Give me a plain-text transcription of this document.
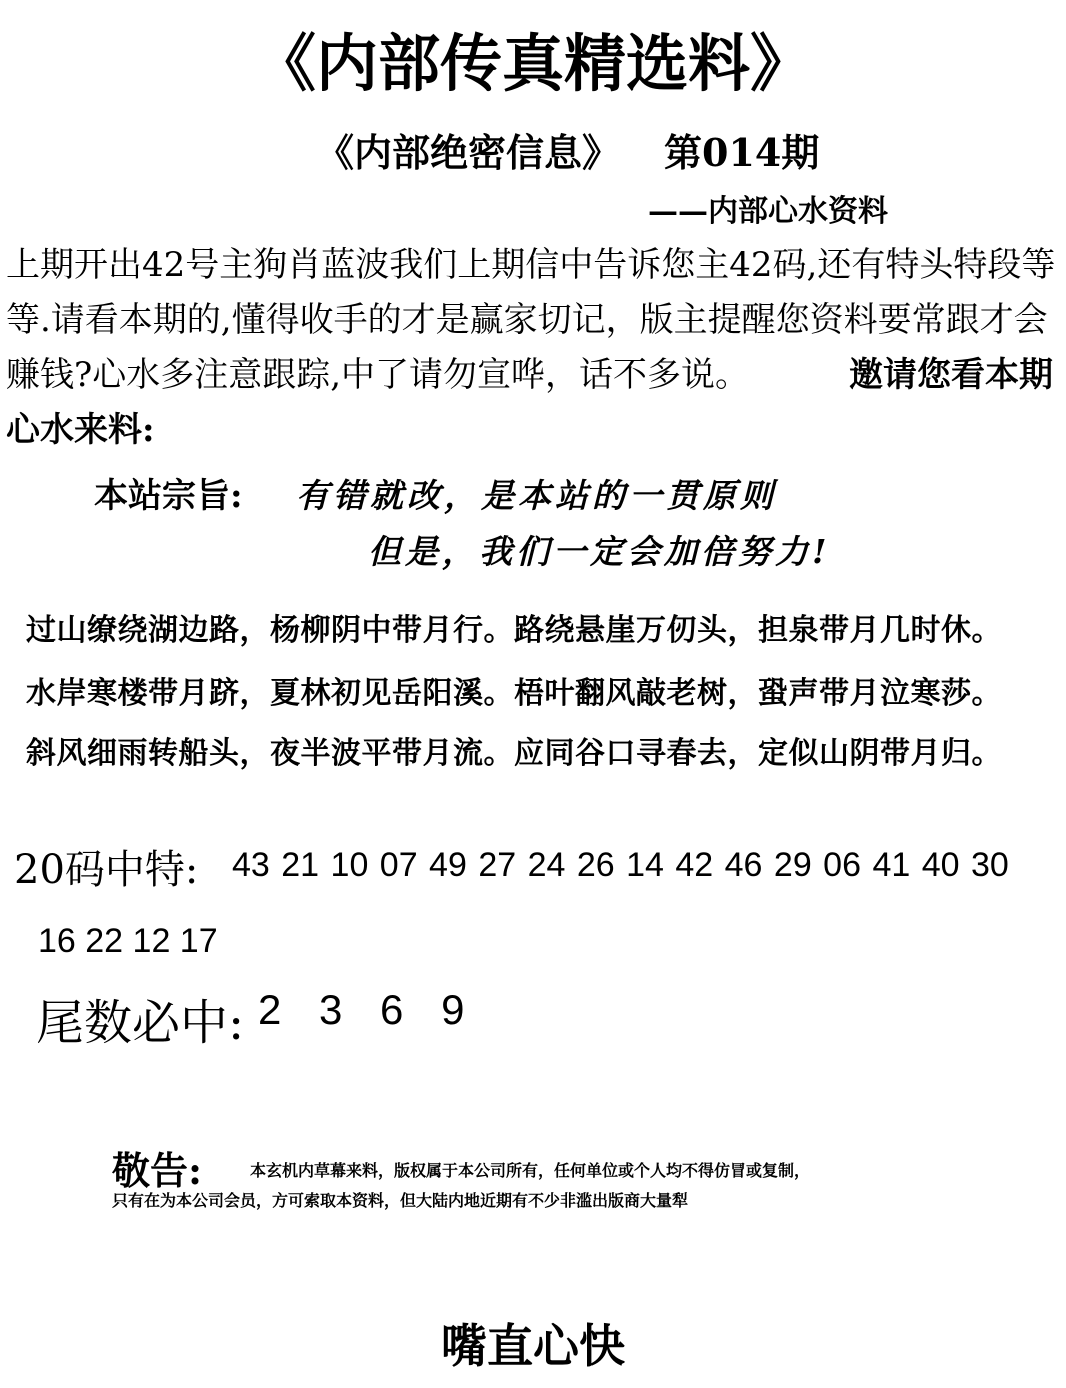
《内部传真精选料》
《内部绝密信息》 第014期
——内部心水资料
上期开出42号主狗肖蓝波我们上期信中告诉您主42码,还有特头特段等等.请看本期的,懂得收手的才是赢家切记，版主提醒您资料要常跟才会赚钱?心水多注意跟踪,中了请勿宣哗，话不多说。	邀请您看本期心水来料:
本站宗旨: 有错就改，是本站的一贯原则
但是，我们一定会加倍努力!
过山缭绕湖边路，杨柳阴中带月行。路绕悬崖万仞头，担泉带月几时休。
水岸寒楼带月跻，夏林初见岳阳溪。梧叶翻风敲老树，蛩声带月泣寒莎。
斜风细雨转船头，夜半波平带月流。应同谷口寻春去，定似山阴带月归。
20码中特: 43 21 10 07 49 27 24 26 14 42 46 29 06 41 40 30
16 22 12 17
尾数必中: 2 3 6 9
敬告:	本玄机内草幕来料，版权属于本公司所有，任何单位或个人均不得仿冒或复制，
只有在为本公司会员，方可索取本资料，但大陆内地近期有不少非滥出版商大量犁
嘴直心快
